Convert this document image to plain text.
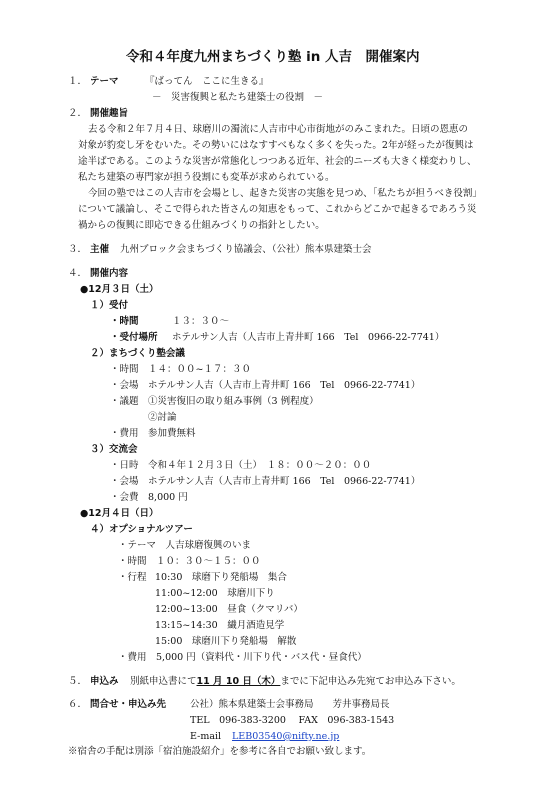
令和４年度九州まちづくり塾 in 人吉　開催案内
１． テーマ	『ばってん　ここに生きる』
－　災害復興と私たち建築士の役割　－
２． 開催趣旨
去る令和２年７月４日、球磨川の濁流に人吉市中心市街地がのみこまれた。日頃の恩恵の
対象が豹変し牙をむいた。その勢いにはなすすべもなく多くを失った。2年が経ったが復興は
途半ばである。このような災害が常態化しつつある近年、社会的ニーズも大きく様変わりし、
私たち建築の専門家が担う役割にも変革が求められている。
今回の塾ではこの人吉市を会場とし、起きた災害の実態を見つめ、｢私たちが担うべき役割｣
について議論し、そこで得られた皆さんの知恵をもって、これからどこかで起きるであろう災
禍からの復興に即応できる仕組みづくりの指針としたい。
３． 主催 九州ブロック会まちづくり協議会、（公社）熊本県建築士会
４． 開催内容
●12月３日（土）
１）受付
・時間	１３：３０～
・受付場所 ホテルサン人吉（人吉市上青井町 166　Tel　0966-22-7741）
２）まちづくり塾会議
・時間　１４：００~１７：３０
・会場　ホテルサン人吉（人吉市上青井町 166　Tel　0966-22-7741）
・議題　①災害復旧の取り組み事例（3 例程度）
②討論
・費用　参加費無料
３）交流会
・日時　令和４年１２月３日（土）　１８：００～２０：００
・会場　ホテルサン人吉（人吉市上青井町 166　Tel　0966-22-7741）
・会費　8,000 円
●12月４日（日）
４）オプショナルツアー
・テーマ　人吉球磨復興のいま
・時間　１０：３０～１５：００
・行程 10:30　球磨下り発船場　集合
11:00~12:00　球磨川下り
12:00~13:00　昼食（クマリバ）
13:15~14:30　繊月酒造見学
15:00　球磨川下り発船場　解散
・費用　5,000 円（資料代・川下り代・バス代・昼食代）
５． 申込み 別紙申込書にて11 月 10 日（木）までに下記申込み先宛てお申込み下さい。
６． 問合せ・申込み先	公社）熊本県建築士会事務局　　芳井事務局長
TEL　096-383-3200　 FAX　096-383-1543
E-mail LEB03540@nifty.ne.jp
※宿舎の手配は別添「宿泊施設紹介」を参考に各自でお願い致します。
